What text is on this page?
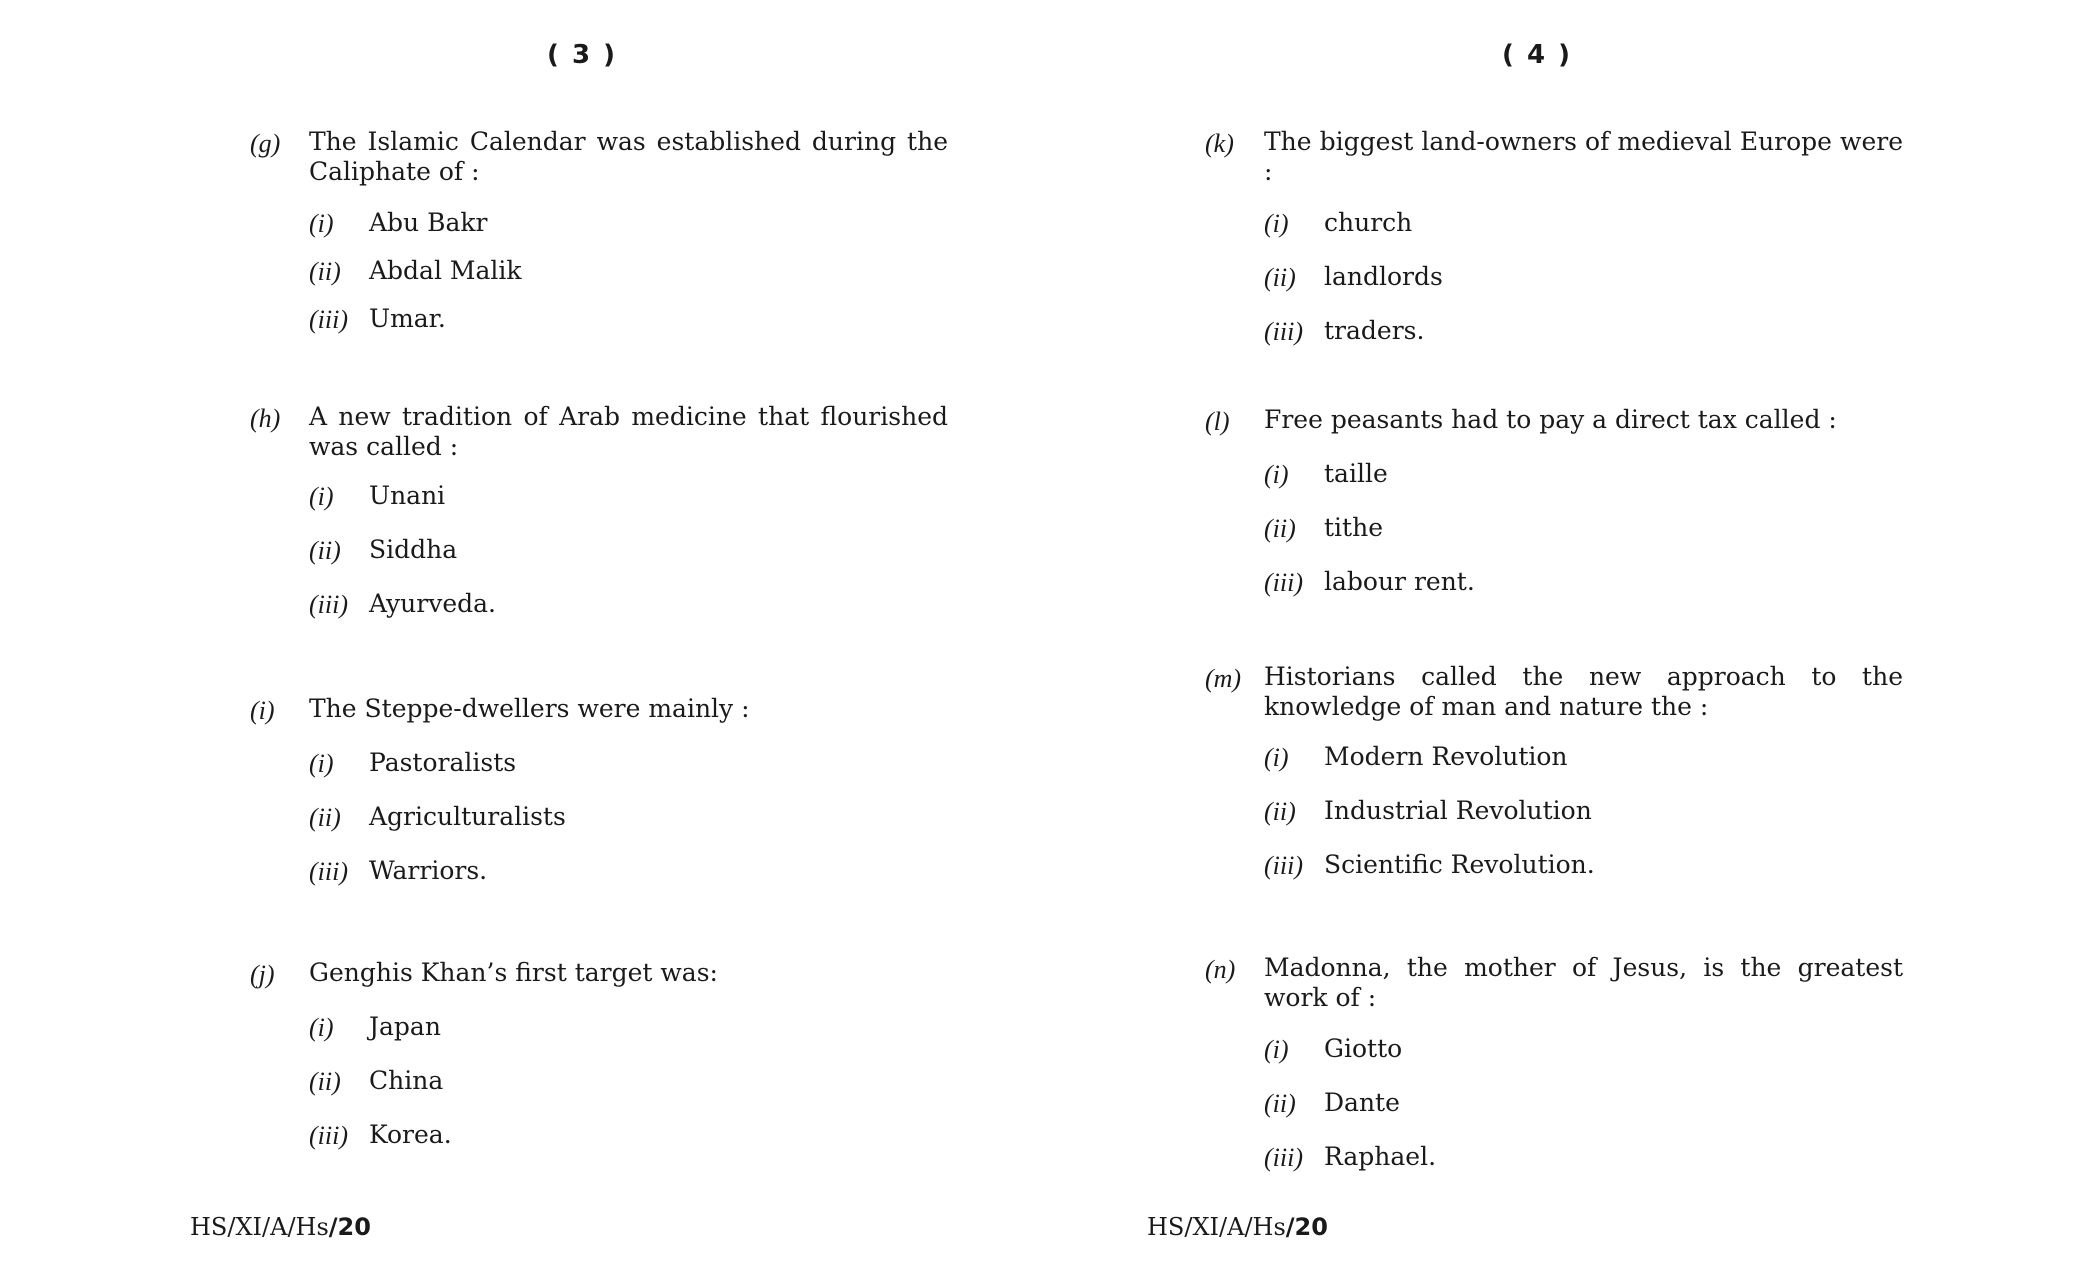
( 3 )
(g) The Islamic Calendar was established during the Caliphate of :
(i) Abu Bakr
(ii) Abdal Malik
(iii) Umar.
(h) A new tradition of Arab medicine that flourished was called :
(i) Unani
(ii) Siddha
(iii) Ayurveda.
(i) The Steppe-dwellers were mainly :
(i) Pastoralists
(ii) Agriculturalists
(iii) Warriors.
(j) Genghis Khan’s first target was:
(i) Japan
(ii) China
(iii) Korea.
HS/XI/A/Hs/20
( 4 )
(k) The biggest land-owners of medieval Europe were :
(i) church
(ii) landlords
(iii) traders.
(l) Free peasants had to pay a direct tax called :
(i) taille
(ii) tithe
(iii) labour rent.
(m) Historians called the new approach to the knowledge of man and nature the :
(i) Modern Revolution
(ii) Industrial Revolution
(iii) Scientific Revolution.
(n) Madonna, the mother of Jesus, is the greatest work of :
(i) Giotto
(ii) Dante
(iii) Raphael.
HS/XI/A/Hs/20
